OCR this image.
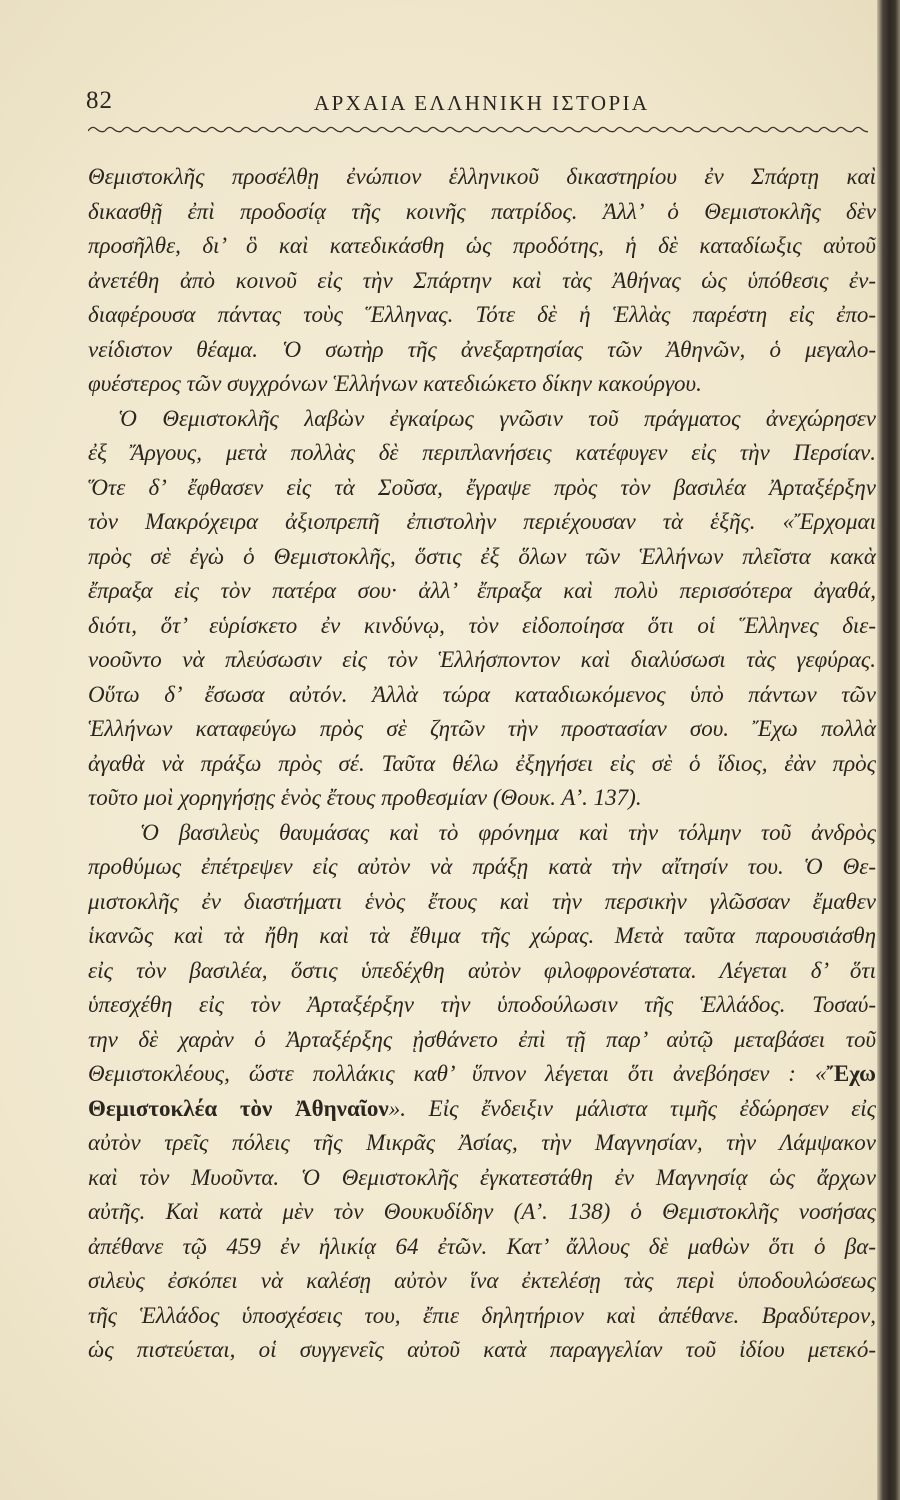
82	ΑΡΧΑΙΑ ΕΛΛΗΝΙΚΗ ΙΣΤΟΡΙΑ
Θεμιστοκλῆς προσέλθῃ ἐνώπιον ἑλληνικοῦ δικαστηρίου ἐν Σπάρτῃ καὶ
δικασθῇ ἐπὶ προδοσίᾳ τῆς κοινῆς πατρίδος. Ἀλλ’ ὁ Θεμιστοκλῆς δὲν
προσῆλθε, δι’ ὃ καὶ κατεδικάσθη ὡς προδότης, ἡ δὲ καταδίωξις αὐτοῦ
ἀνετέθη ἀπὸ κοινοῦ εἰς τὴν Σπάρτην καὶ τὰς Ἀθήνας ὡς ὑπόθεσις ἐν-
διαφέρουσα πάντας τοὺς Ἕλληνας. Τότε δὲ ἡ Ἑλλὰς παρέστη εἰς ἐπο-
νείδιστον θέαμα. Ὁ σωτὴρ τῆς ἀνεξαρτησίας τῶν Ἀθηνῶν, ὁ μεγαλο-
φυέστερος τῶν συγχρόνων Ἑλλήνων κατεδιώκετο δίκην κακούργου.
Ὁ Θεμιστοκλῆς λαβὼν ἐγκαίρως γνῶσιν τοῦ πράγματος ἀνεχώρησεν
ἐξ Ἄργους, μετὰ πολλὰς δὲ περιπλανήσεις κατέφυγεν εἰς τὴν Περσίαν.
Ὅτε δ’ ἔφθασεν εἰς τὰ Σοῦσα, ἔγραψε πρὸς τὸν βασιλέα Ἀρταξέρξην
τὸν Μακρόχειρα ἀξιοπρεπῆ ἐπιστολὴν περιέχουσαν τὰ ἑξῆς. «Ἔρχομαι
πρὸς σὲ ἐγὼ ὁ Θεμιστοκλῆς, ὅστις ἐξ ὅλων τῶν Ἑλλήνων πλεῖστα κακὰ
ἔπραξα εἰς τὸν πατέρα σου· ἀλλ’ ἔπραξα καὶ πολὺ περισσότερα ἀγαθά,
διότι, ὅτ’ εὑρίσκετο ἐν κινδύνῳ, τὸν εἰδοποίησα ὅτι οἱ Ἕλληνες διε-
νοοῦντο νὰ πλεύσωσιν εἰς τὸν Ἑλλήσποντον καὶ διαλύσωσι τὰς γεφύρας.
Οὕτω δ’ ἔσωσα αὐτόν. Ἀλλὰ τώρα καταδιωκόμενος ὑπὸ πάντων τῶν
Ἑλλήνων καταφεύγω πρὸς σὲ ζητῶν τὴν προστασίαν σου. Ἔχω πολλὰ
ἀγαθὰ νὰ πράξω πρὸς σέ. Ταῦτα θέλω ἐξηγήσει εἰς σὲ ὁ ἴδιος, ἐὰν πρὸς
τοῦτο μοὶ χορηγήσῃς ἑνὸς ἔτους προθεσμίαν (Θουκ. Α’. 137).
Ὁ βασιλεὺς θαυμάσας καὶ τὸ φρόνημα καὶ τὴν τόλμην τοῦ ἀνδρὸς
προθύμως ἐπέτρεψεν εἰς αὐτὸν νὰ πράξῃ κατὰ τὴν αἴτησίν του. Ὁ Θε-
μιστοκλῆς ἐν διαστήματι ἑνὸς ἔτους καὶ τὴν περσικὴν γλῶσσαν ἔμαθεν
ἱκανῶς καὶ τὰ ἤθη καὶ τὰ ἔθιμα τῆς χώρας. Μετὰ ταῦτα παρουσιάσθη
εἰς τὸν βασιλέα, ὅστις ὑπεδέχθη αὐτὸν φιλοφρονέστατα. Λέγεται δ’ ὅτι
ὑπεσχέθη εἰς τὸν Ἀρταξέρξην τὴν ὑποδούλωσιν τῆς Ἑλλάδος. Τοσαύ-
την δὲ χαρὰν ὁ Ἀρταξέρξης ᾐσθάνετο ἐπὶ τῇ παρ’ αὐτῷ μεταβάσει τοῦ
Θεμιστοκλέους, ὥστε πολλάκις καθ’ ὕπνον λέγεται ὅτι ἀνεβόησεν : «Ἔχω
Θεμιστοκλέα τὸν Ἀθηναῖον». Εἰς ἔνδειξιν μάλιστα τιμῆς ἐδώρησεν εἰς
αὐτὸν τρεῖς πόλεις τῆς Μικρᾶς Ἀσίας, τὴν Μαγνησίαν, τὴν Λάμψακον
καὶ τὸν Μυοῦντα. Ὁ Θεμιστοκλῆς ἐγκατεστάθη ἐν Μαγνησίᾳ ὡς ἄρχων
αὐτῆς. Καὶ κατὰ μὲν τὸν Θουκυδίδην (Α’. 138) ὁ Θεμιστοκλῆς νοσήσας
ἀπέθανε τῷ 459 ἐν ἡλικίᾳ 64 ἐτῶν. Κατ’ ἄλλους δὲ μαθὼν ὅτι ὁ βα-
σιλεὺς ἐσκόπει νὰ καλέσῃ αὐτὸν ἵνα ἐκτελέσῃ τὰς περὶ ὑποδουλώσεως
τῆς Ἑλλάδος ὑποσχέσεις του, ἔπιε δηλητήριον καὶ ἀπέθανε. Βραδύτερον,
ὡς πιστεύεται, οἱ συγγενεῖς αὐτοῦ κατὰ παραγγελίαν τοῦ ἰδίου μετεκό-
